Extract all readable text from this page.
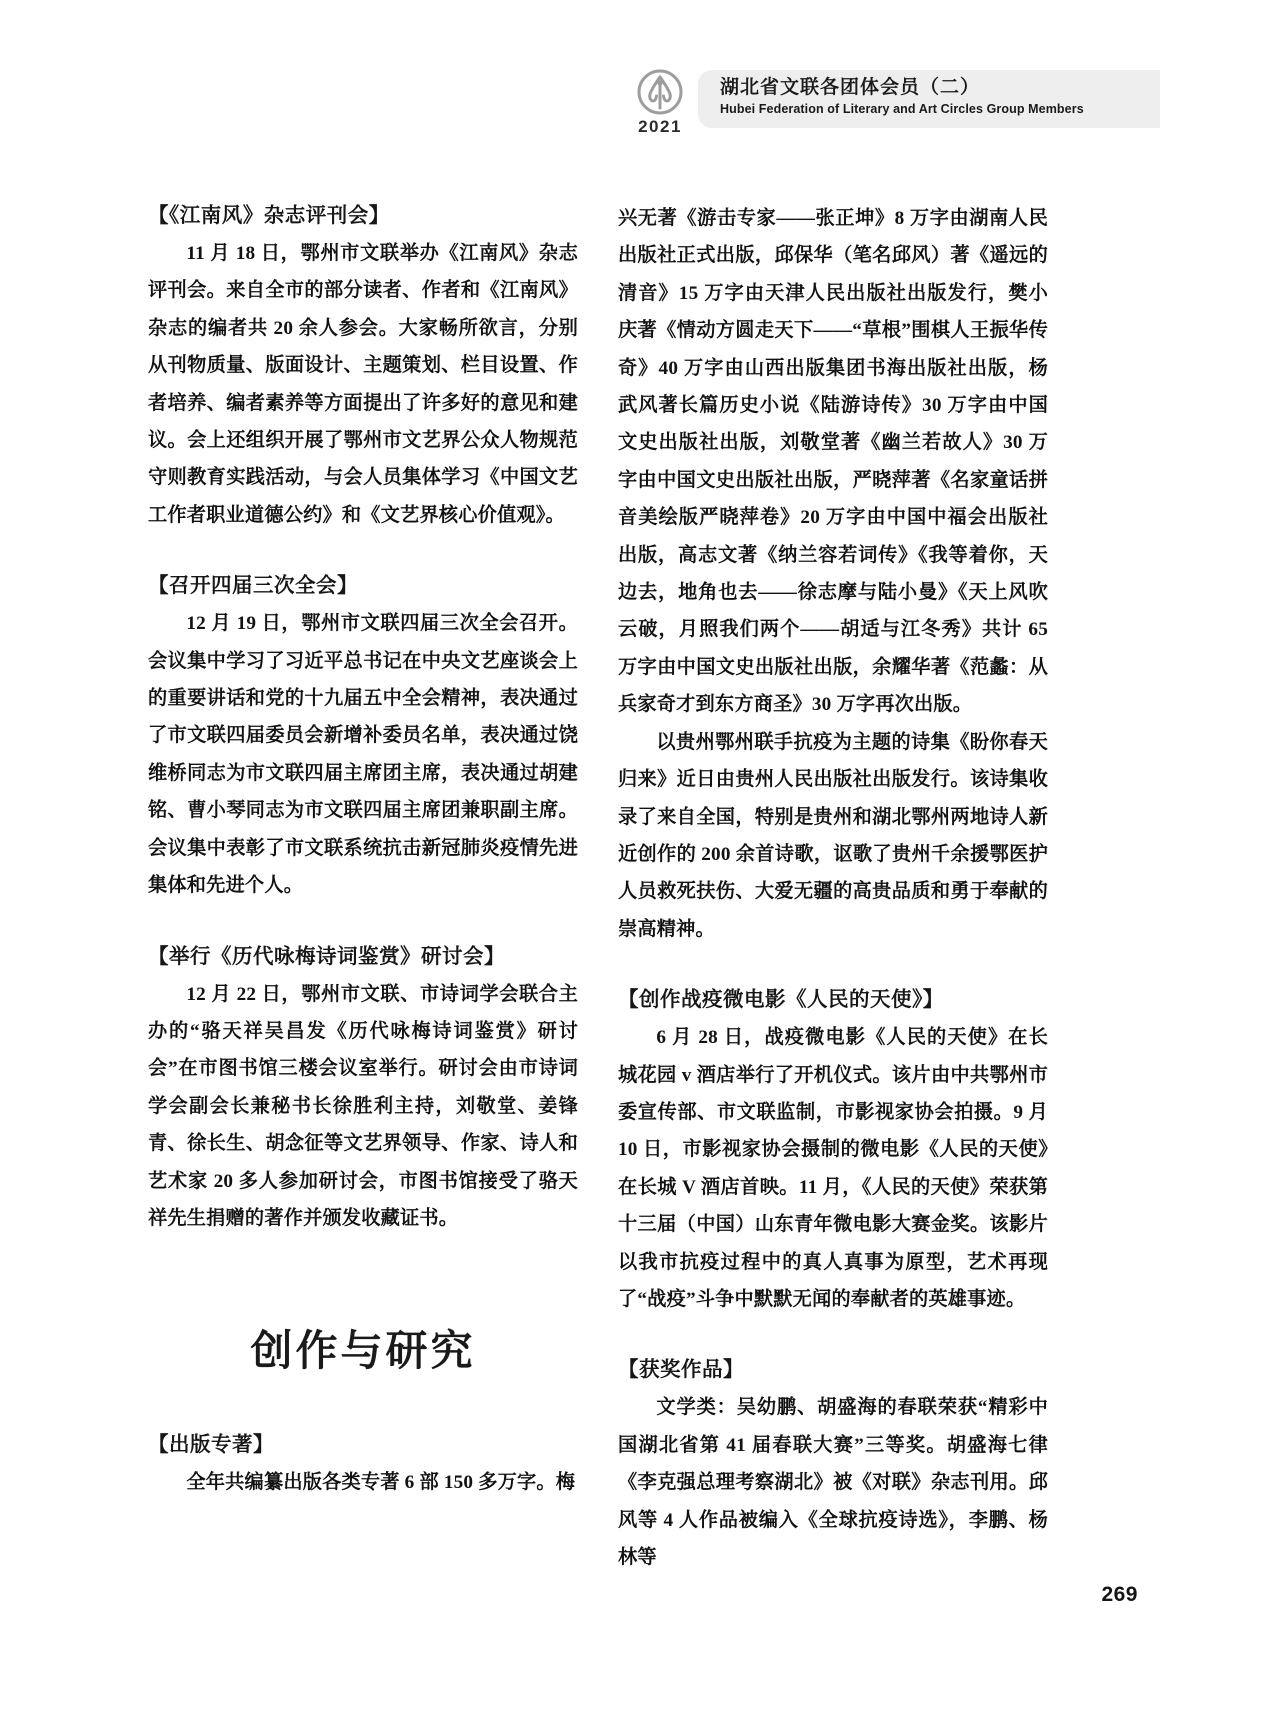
2021
湖北省文联各团体会员（二）
Hubei Federation of Literary and Art Circles Group Members
【《江南风》杂志评刊会】

11 月 18 日，鄂州市文联举办《江南风》杂志评刊会。来自全市的部分读者、作者和《江南风》杂志的编者共 20 余人参会。大家畅所欲言，分别从刊物质量、版面设计、主题策划、栏目设置、作者培养、编者素养等方面提出了许多好的意见和建议。会上还组织开展了鄂州市文艺界公众人物规范守则教育实践活动，与会人员集体学习《中国文艺工作者职业道德公约》和《文艺界核心价值观》。

【召开四届三次全会】

12 月 19 日，鄂州市文联四届三次全会召开。会议集中学习了习近平总书记在中央文艺座谈会上的重要讲话和党的十九届五中全会精神，表决通过了市文联四届委员会新增补委员名单，表决通过饶维桥同志为市文联四届主席团主席，表决通过胡建铭、曹小琴同志为市文联四届主席团兼职副主席。会议集中表彰了市文联系统抗击新冠肺炎疫情先进集体和先进个人。

【举行《历代咏梅诗词鉴赏》研讨会】

12 月 22 日，鄂州市文联、市诗词学会联合主办的“骆天祥吴昌发《历代咏梅诗词鉴赏》研讨会”在市图书馆三楼会议室举行。研讨会由市诗词学会副会长兼秘书长徐胜利主持，刘敬堂、姜锋青、徐长生、胡念征等文艺界领导、作家、诗人和艺术家 20 多人参加研讨会，市图书馆接受了骆天祥先生捐赠的著作并颁发收藏证书。

创作与研究
【出版专著】

全年共编纂出版各类专著 6 部 150 多万字。梅

兴无著《游击专家——张正坤》8 万字由湖南人民出版社正式出版，邱保华（笔名邱风）著《遥远的清音》15 万字由天津人民出版社出版发行，樊小庆著《情动方圆走天下——“草根”围棋人王振华传奇》40 万字由山西出版集团书海出版社出版，杨武风著长篇历史小说《陆游诗传》30 万字由中国文史出版社出版，刘敬堂著《幽兰若故人》30 万字由中国文史出版社出版，严晓萍著《名家童话拼音美绘版严晓萍卷》20 万字由中国中福会出版社出版，高志文著《纳兰容若词传》《我等着你，天边去，地角也去——徐志摩与陆小曼》《天上风吹云破，月照我们两个——胡适与江冬秀》共计 65 万字由中国文史出版社出版，余耀华著《范蠡：从兵家奇才到东方商圣》30 万字再次出版。

以贵州鄂州联手抗疫为主题的诗集《盼你春天归来》近日由贵州人民出版社出版发行。该诗集收录了来自全国，特别是贵州和湖北鄂州两地诗人新近创作的 200 余首诗歌，讴歌了贵州千余援鄂医护人员救死扶伤、大爱无疆的高贵品质和勇于奉献的崇高精神。

【创作战疫微电影《人民的天使》】

6 月 28 日，战疫微电影《人民的天使》在长城花园 v 酒店举行了开机仪式。该片由中共鄂州市委宣传部、市文联监制，市影视家协会拍摄。9 月 10 日，市影视家协会摄制的微电影《人民的天使》在长城 V 酒店首映。11 月，《人民的天使》荣获第十三届（中国）山东青年微电影大赛金奖。该影片以我市抗疫过程中的真人真事为原型，艺术再现了“战疫”斗争中默默无闻的奉献者的英雄事迹。

【获奖作品】

文学类：吴幼鹏、胡盛海的春联荣获“精彩中国湖北省第 41 届春联大赛”三等奖。胡盛海七律《李克强总理考察湖北》被《对联》杂志刊用。邱风等 4 人作品被编入《全球抗疫诗选》，李鹏、杨林等

269
